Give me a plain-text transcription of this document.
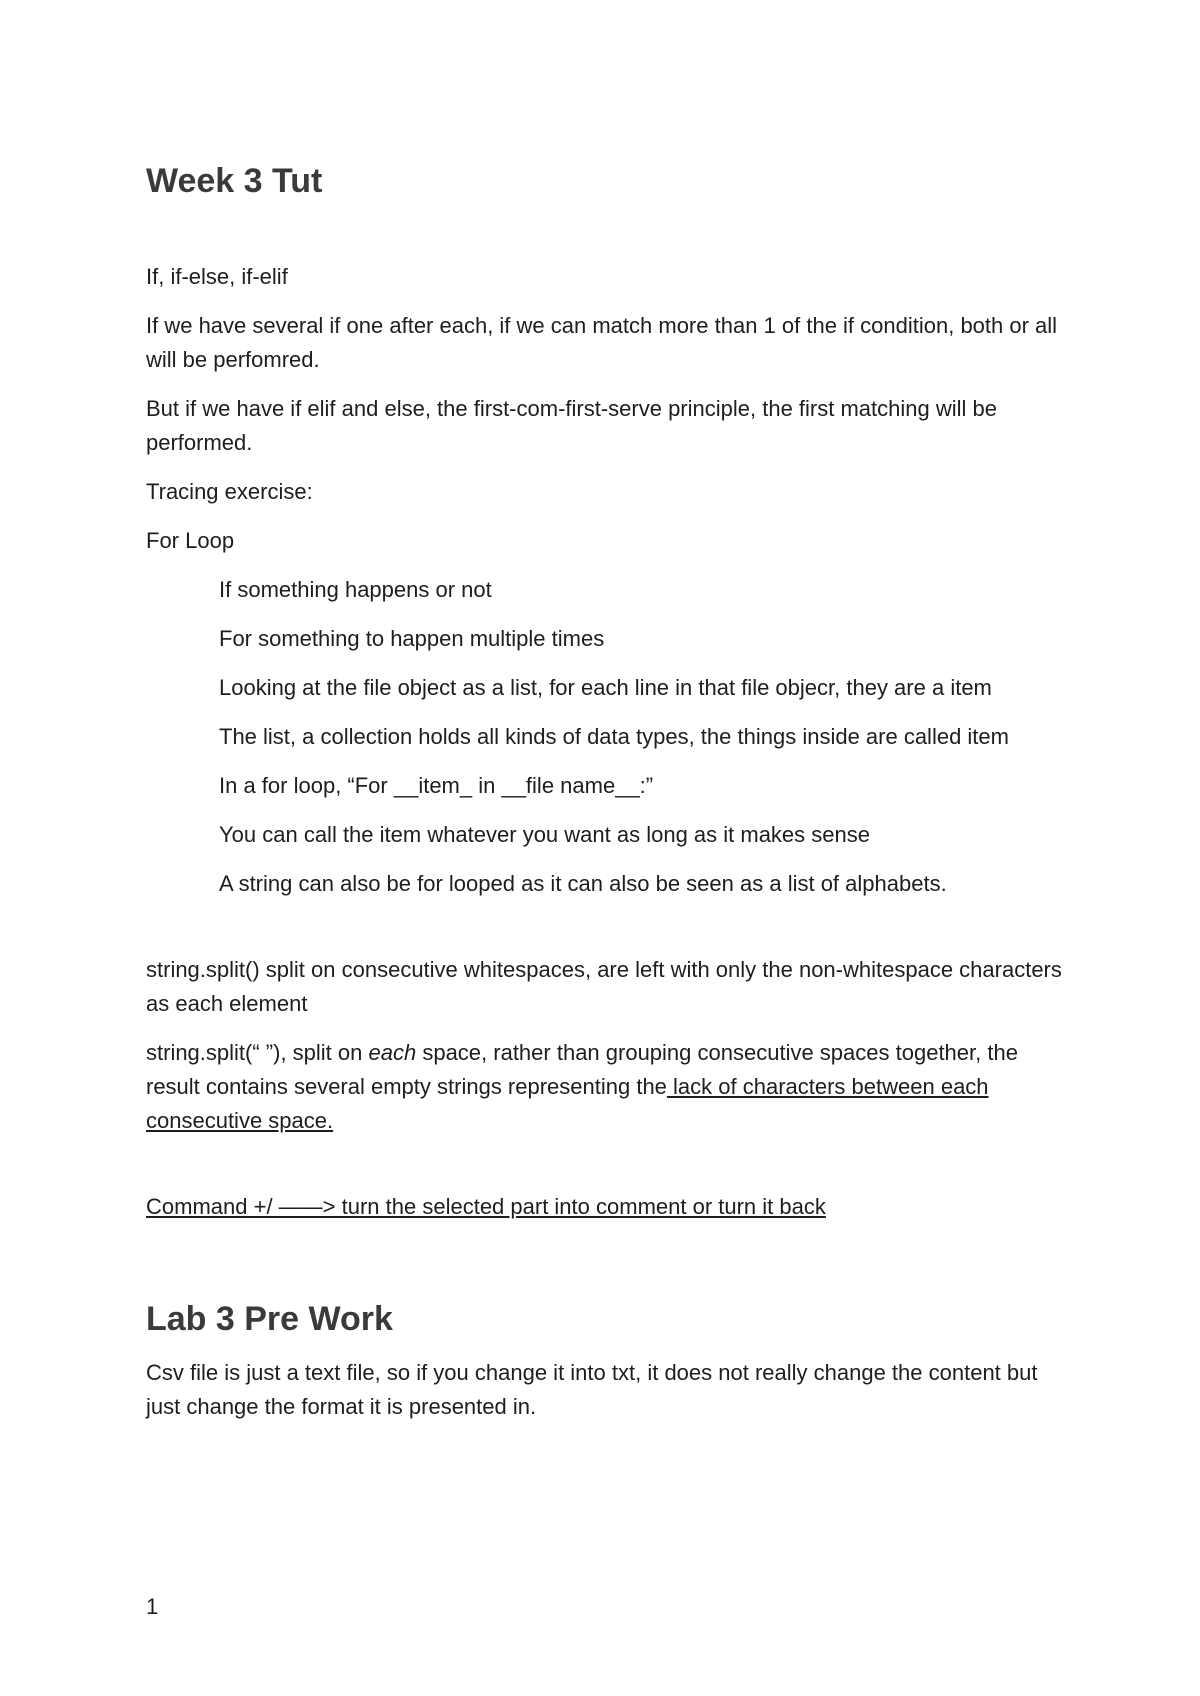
Week 3 Tut

If, if-else, if-elif

If we have several if one after each, if we can match more than 1 of the if condition, both or all will be perfomred.

But if we have if elif and else, the first-com-first-serve principle, the first matching will be performed.

Tracing exercise:

For Loop

If something happens or not

For something to happen multiple times

Looking at the file object as a list, for each line in that file objecr, they are a item

The list, a collection holds all kinds of data types, the things inside are called item

In a for loop, “For __item_ in __file name__:”

You can call the item whatever you want as long as it makes sense

A string can also be for looped as it can also be seen as a list of alphabets.

string.split() split on consecutive whitespaces, are left with only the non-whitespace characters as each element

string.split(“ ”), split on each space, rather than grouping consecutive spaces together, the result contains several empty strings representing the lack of characters between each consecutive space.

Command +/ ——> turn the selected part into comment or turn it back

Lab 3 Pre Work

Csv file is just a text file, so if you change it into txt, it does not really change the content but just change the format it is presented in.

1
